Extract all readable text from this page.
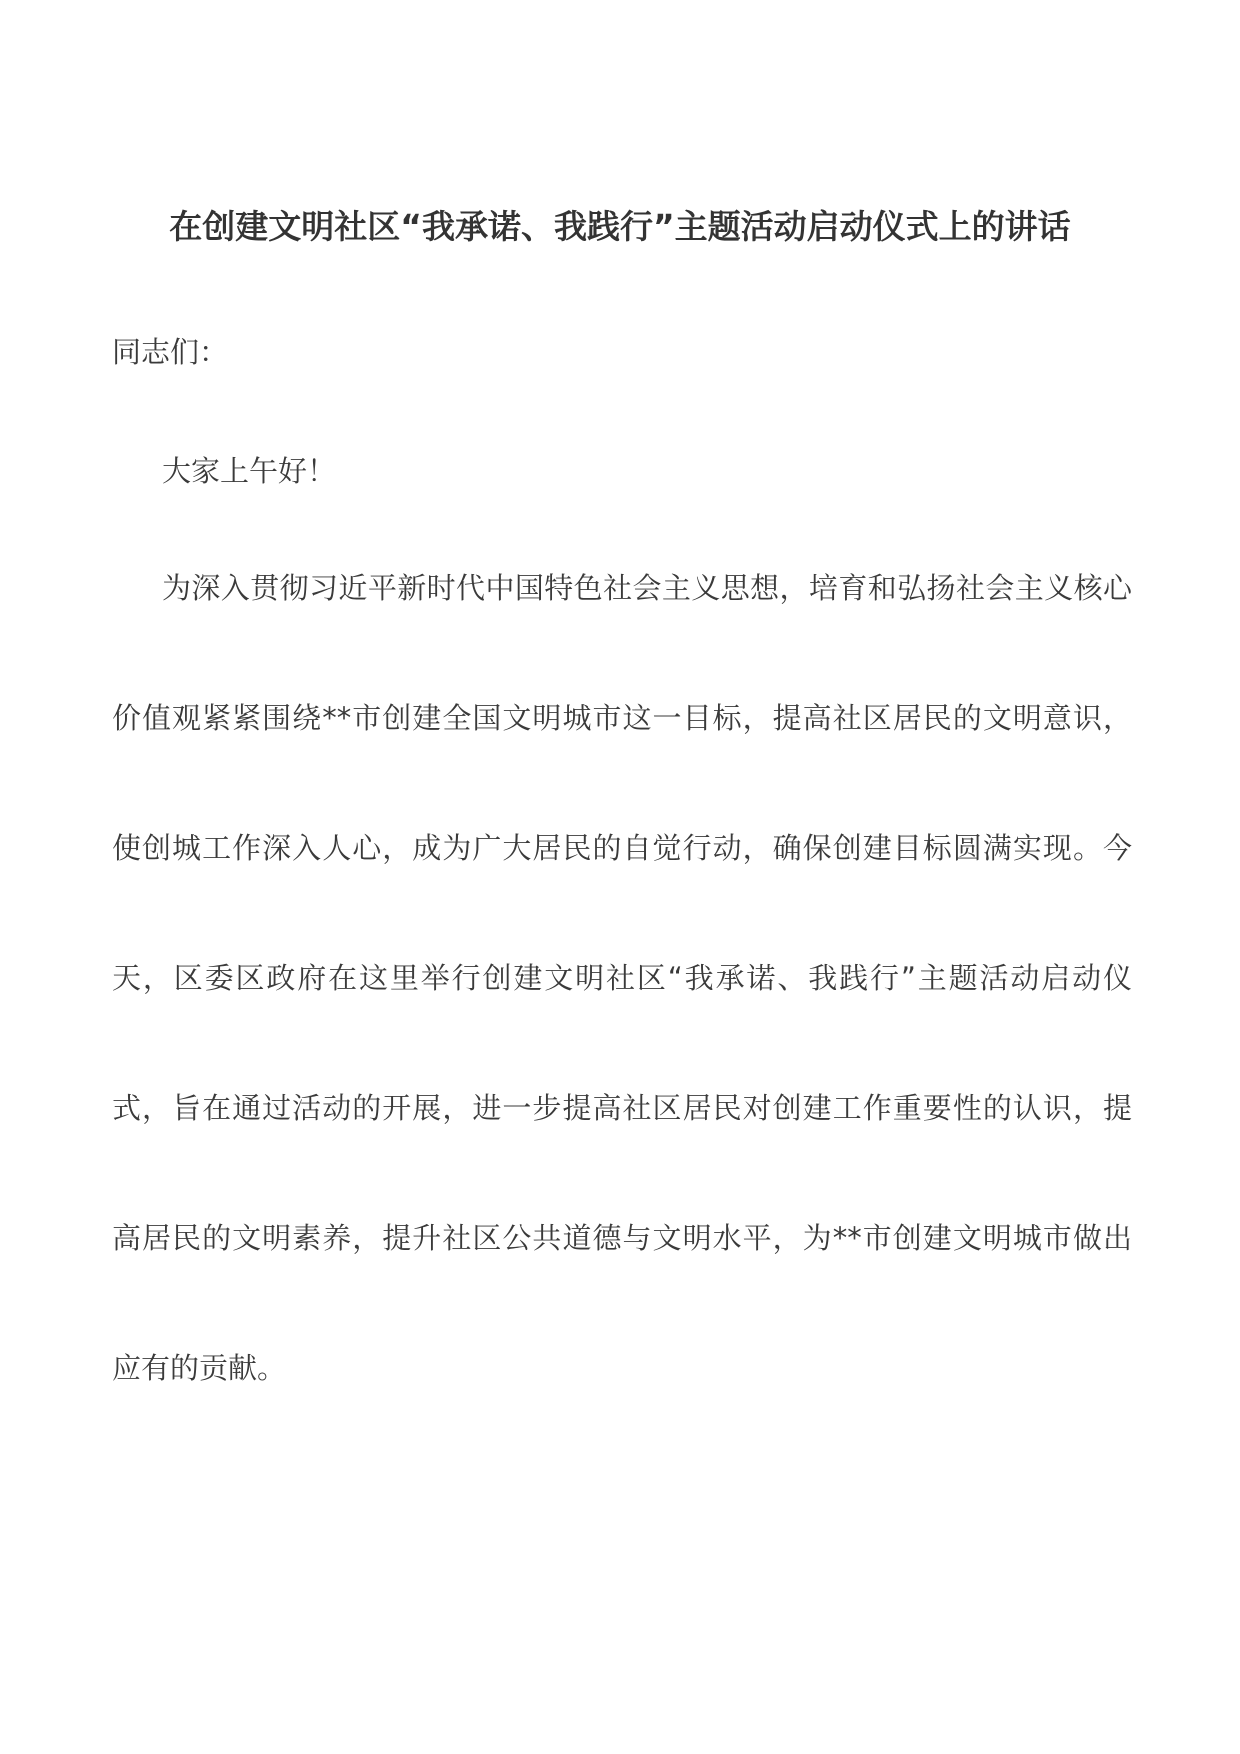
在创建文明社区“我承诺、我践行”主题活动启动仪式上的讲话

同志们：

大家上午好！

为深入贯彻习近平新时代中国特色社会主义思想，培育和弘扬社会主义核心
价值观紧紧围绕**市创建全国文明城市这一目标，提高社区居民的文明意识，
使创城工作深入人心，成为广大居民的自觉行动，确保创建目标圆满实现。今
天，区委区政府在这里举行创建文明社区“我承诺、我践行”主题活动启动仪
式，旨在通过活动的开展，进一步提高社区居民对创建工作重要性的认识，提
高居民的文明素养，提升社区公共道德与文明水平，为**市创建文明城市做出
应有的贡献。
